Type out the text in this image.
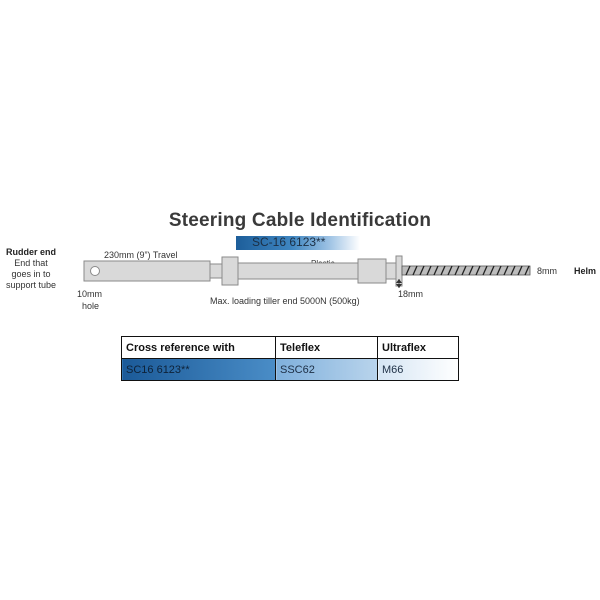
Steering Cable Identification
SC-16 6123**
Rudder end
End that
goes in to
support tube
230mm (9”) Travel
10mm
hole	Max. loading tiller end 5000N (500kg)
18mm
8mm Helm
Cross reference with	Teleflex	Ultraflex
SC16 6123**	SSC62	M66
